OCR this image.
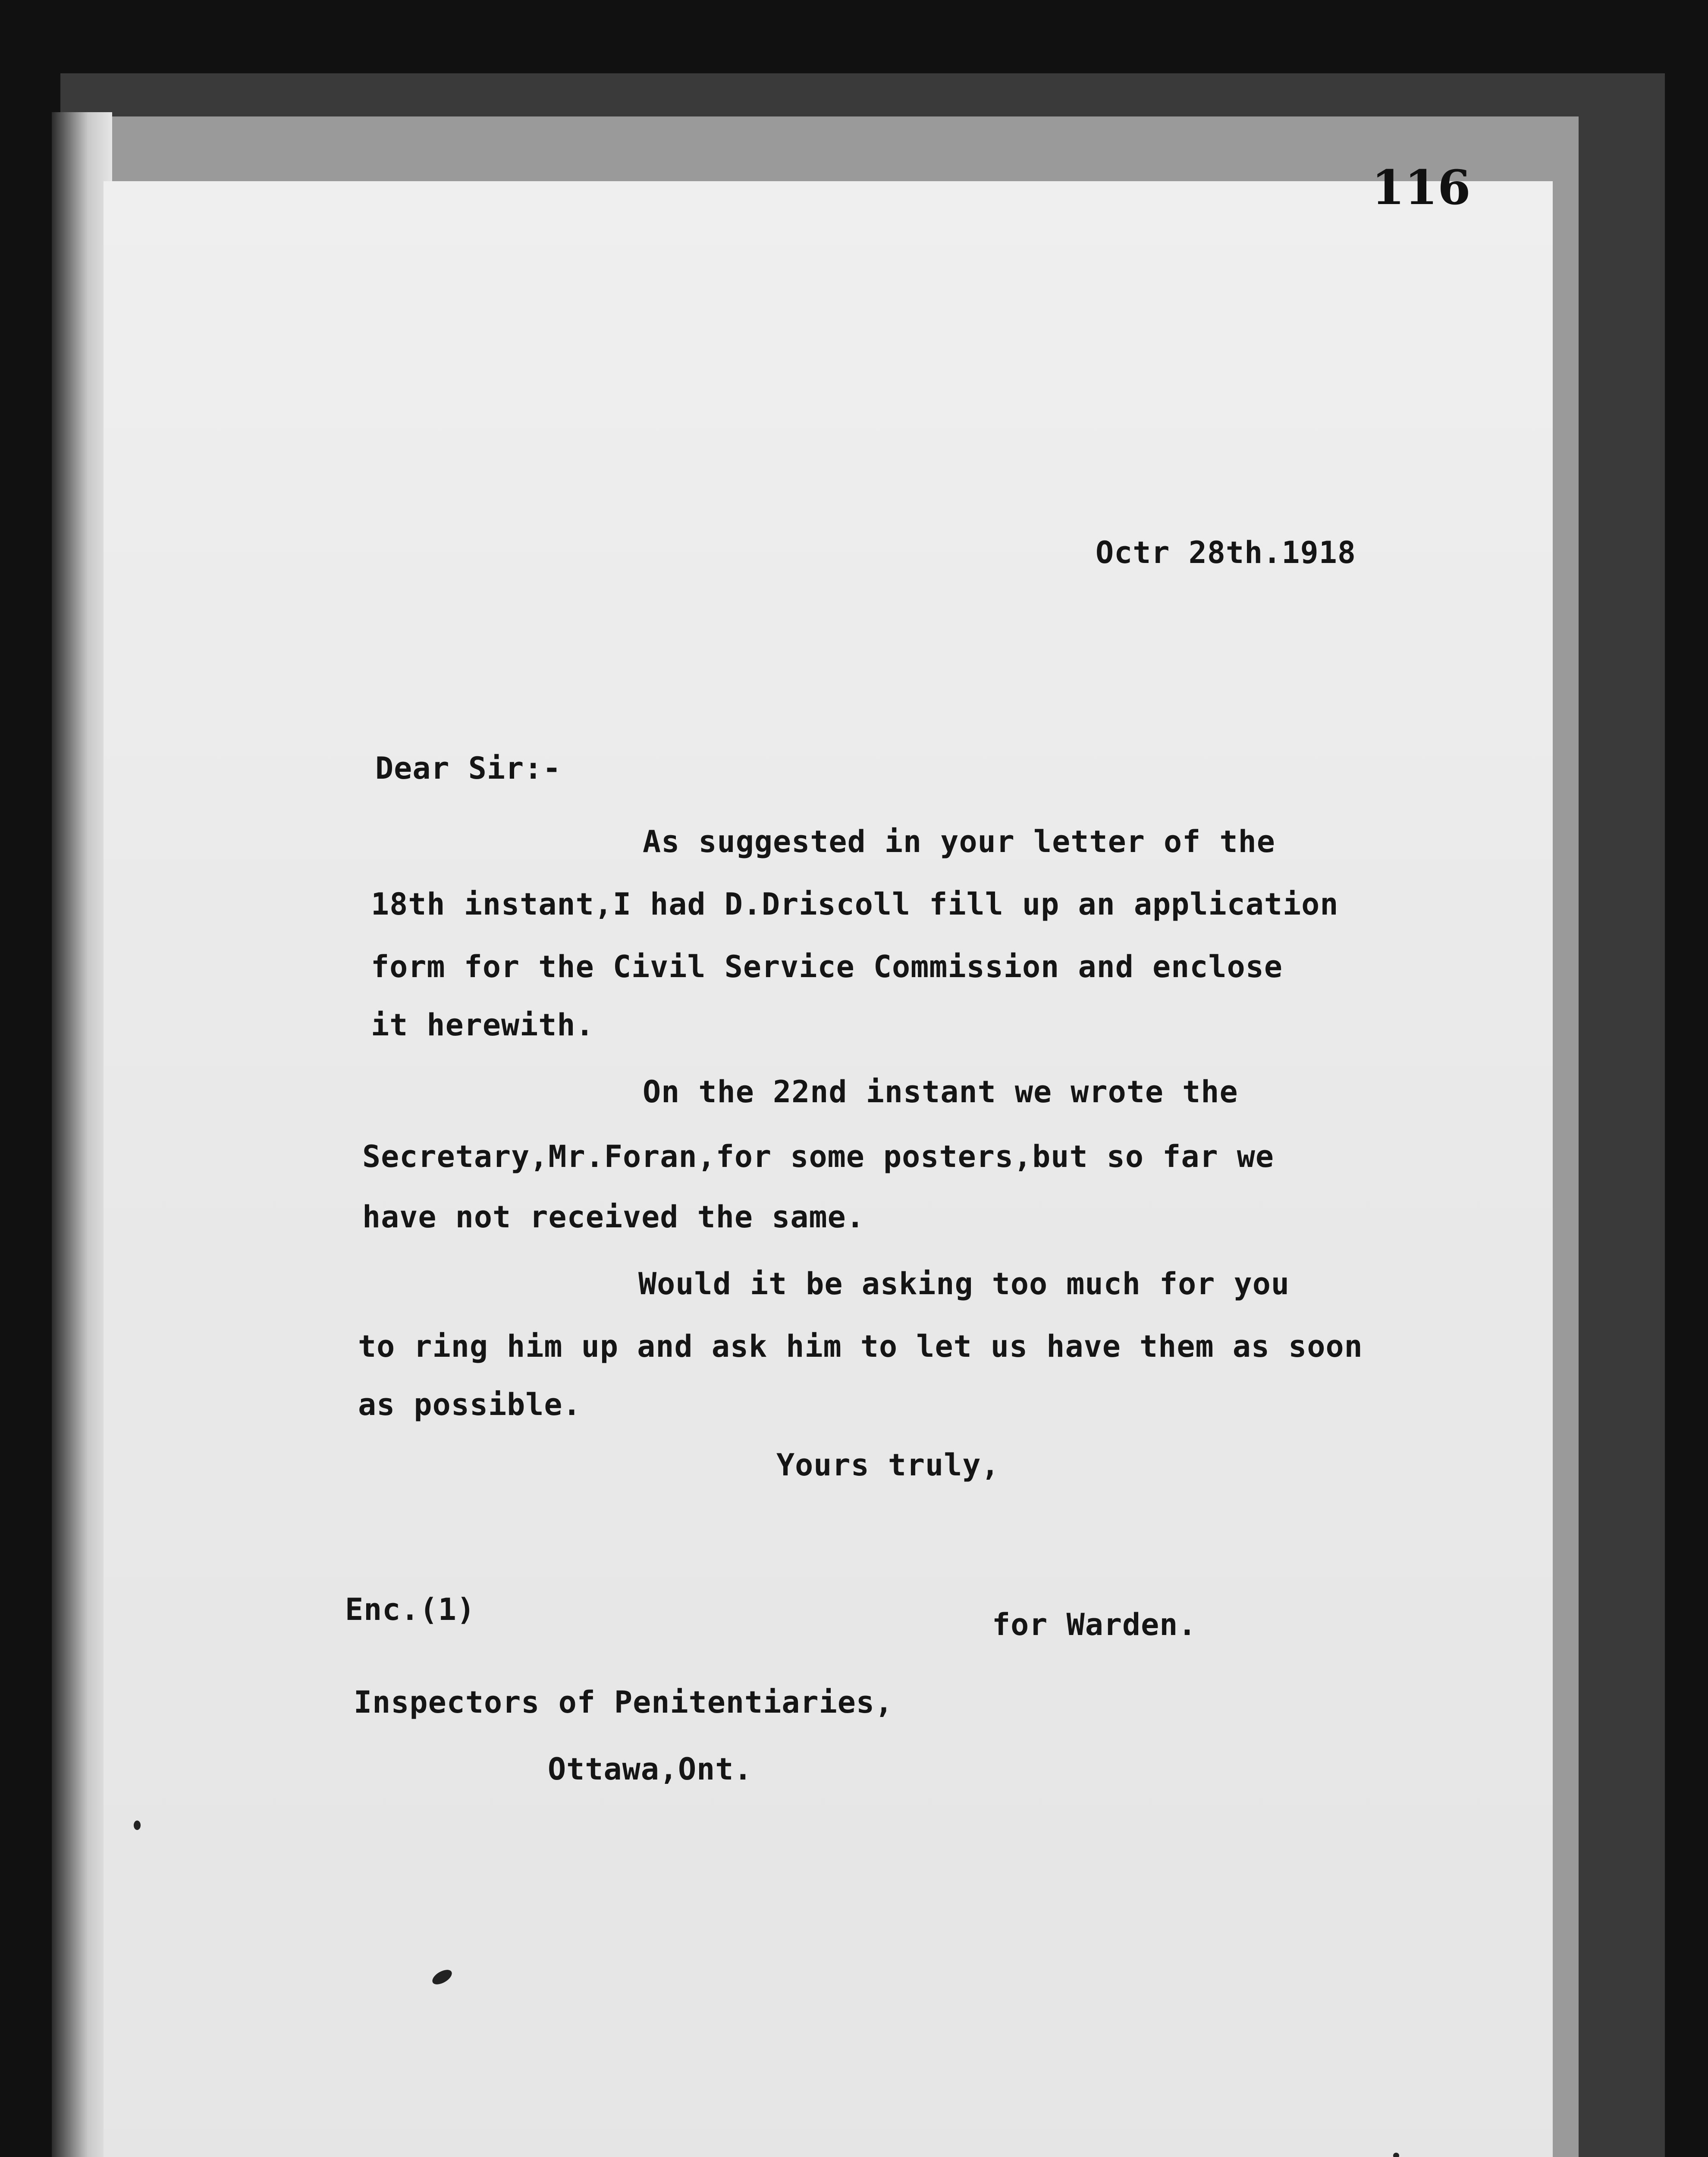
116
Octr 28th.1918
Dear Sir:-
As suggested in your letter of the
18th instant,I had D.Driscoll fill up an application
form for the Civil Service Commission and enclose
it herewith.
On the 22nd instant we wrote the
Secretary,Mr.Foran,for some posters,but so far we
have not received the same.
Would it be asking too much for you
to ring him up and ask him to let us have them as soon
as possible.
Yours truly,
Enc.(1)	for Warden.
Inspectors of Penitentiaries,
Ottawa,Ont.
